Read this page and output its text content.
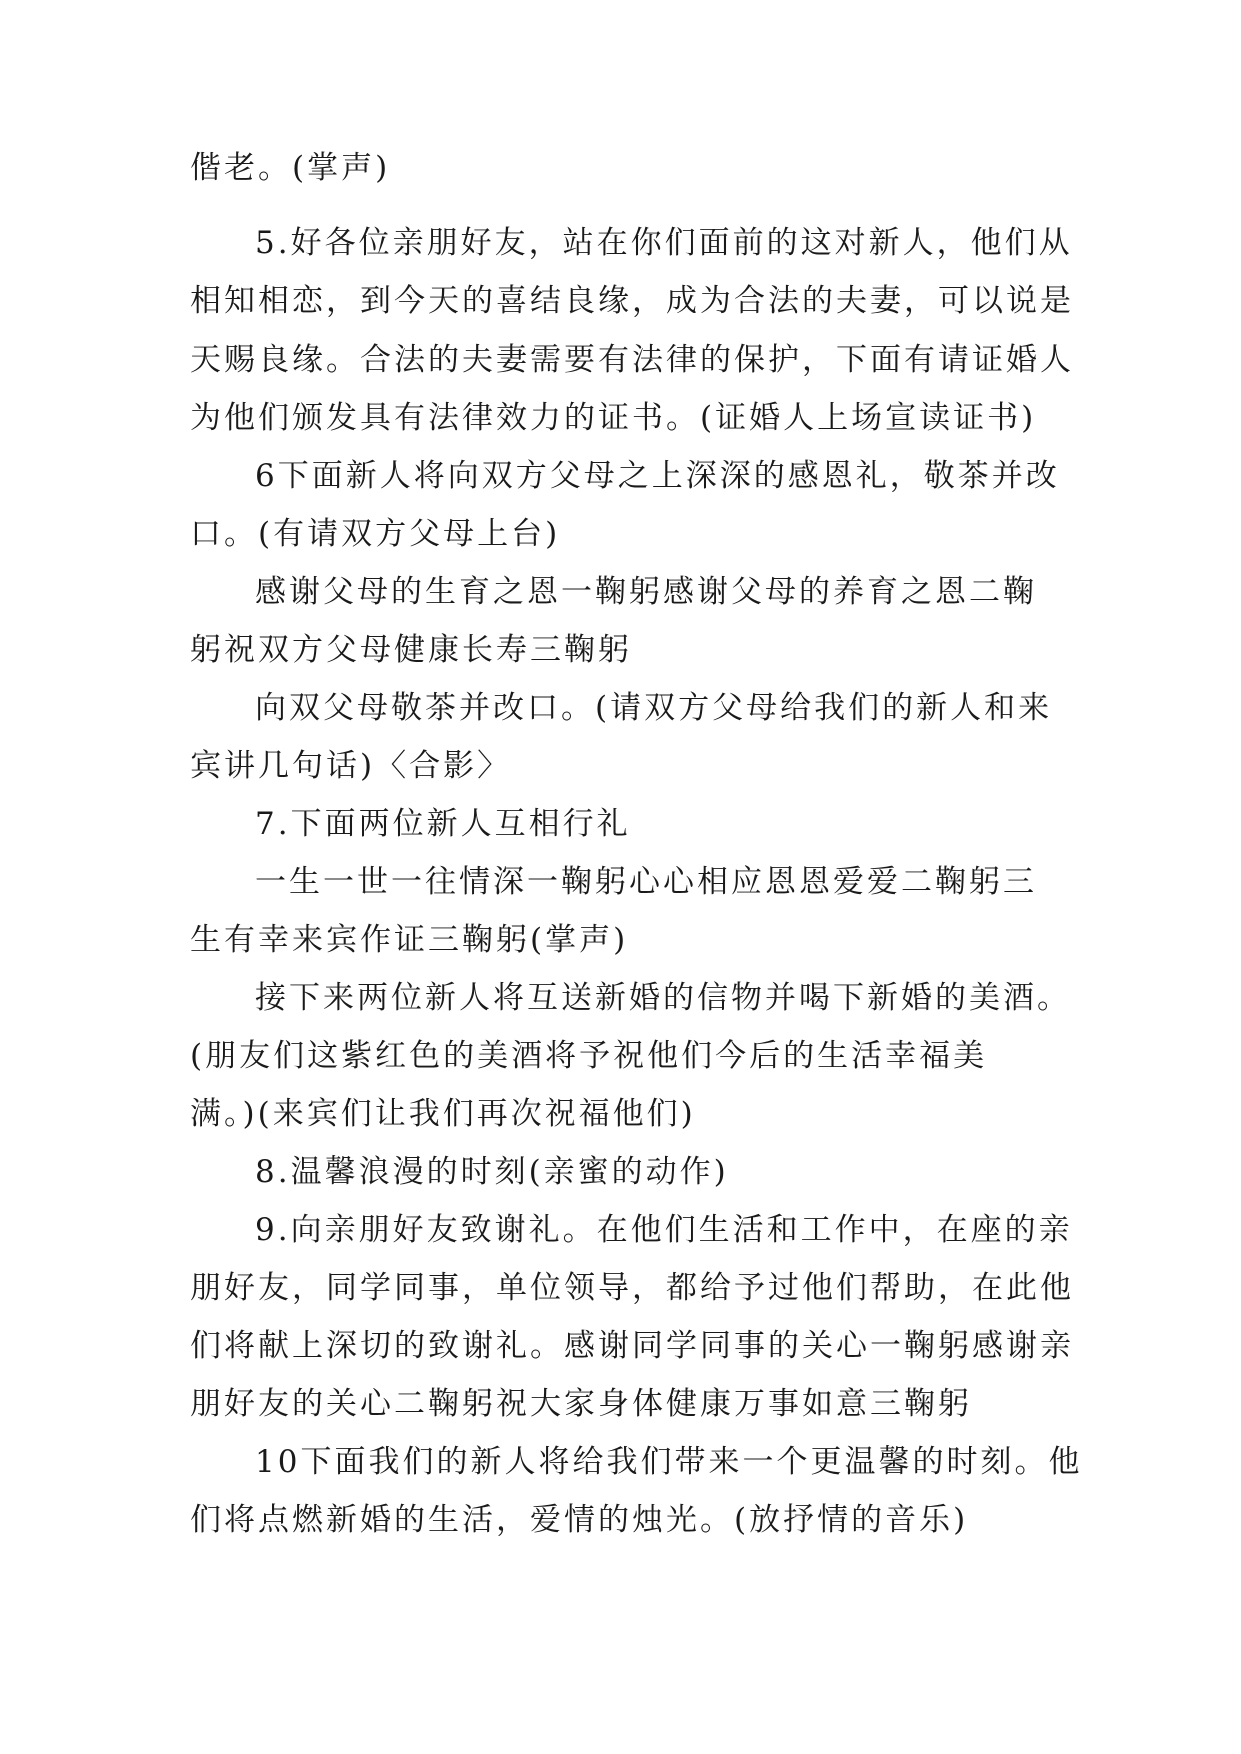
偕老。(掌声)
5.好各位亲朋好友，站在你们面前的这对新人，他们从
相知相恋，到今天的喜结良缘，成为合法的夫妻，可以说是
天赐良缘。合法的夫妻需要有法律的保护，下面有请证婚人
为他们颁发具有法律效力的证书。(证婚人上场宣读证书)
6下面新人将向双方父母之上深深的感恩礼，敬茶并改
口。(有请双方父母上台)
感谢父母的生育之恩一鞠躬感谢父母的养育之恩二鞠
躬祝双方父母健康长寿三鞠躬
向双父母敬茶并改口。(请双方父母给我们的新人和来
宾讲几句话)〈合影〉
7.下面两位新人互相行礼
一生一世一往情深一鞠躬心心相应恩恩爱爱二鞠躬三
生有幸来宾作证三鞠躬(掌声)
接下来两位新人将互送新婚的信物并喝下新婚的美酒。
(朋友们这紫红色的美酒将予祝他们今后的生活幸福美
满。)(来宾们让我们再次祝福他们)
8.温馨浪漫的时刻(亲蜜的动作)
9.向亲朋好友致谢礼。在他们生活和工作中，在座的亲
朋好友，同学同事，单位领导，都给予过他们帮助，在此他
们将献上深切的致谢礼。感谢同学同事的关心一鞠躬感谢亲
朋好友的关心二鞠躬祝大家身体健康万事如意三鞠躬
10下面我们的新人将给我们带来一个更温馨的时刻。他
们将点燃新婚的生活，爱情的烛光。(放抒情的音乐)
